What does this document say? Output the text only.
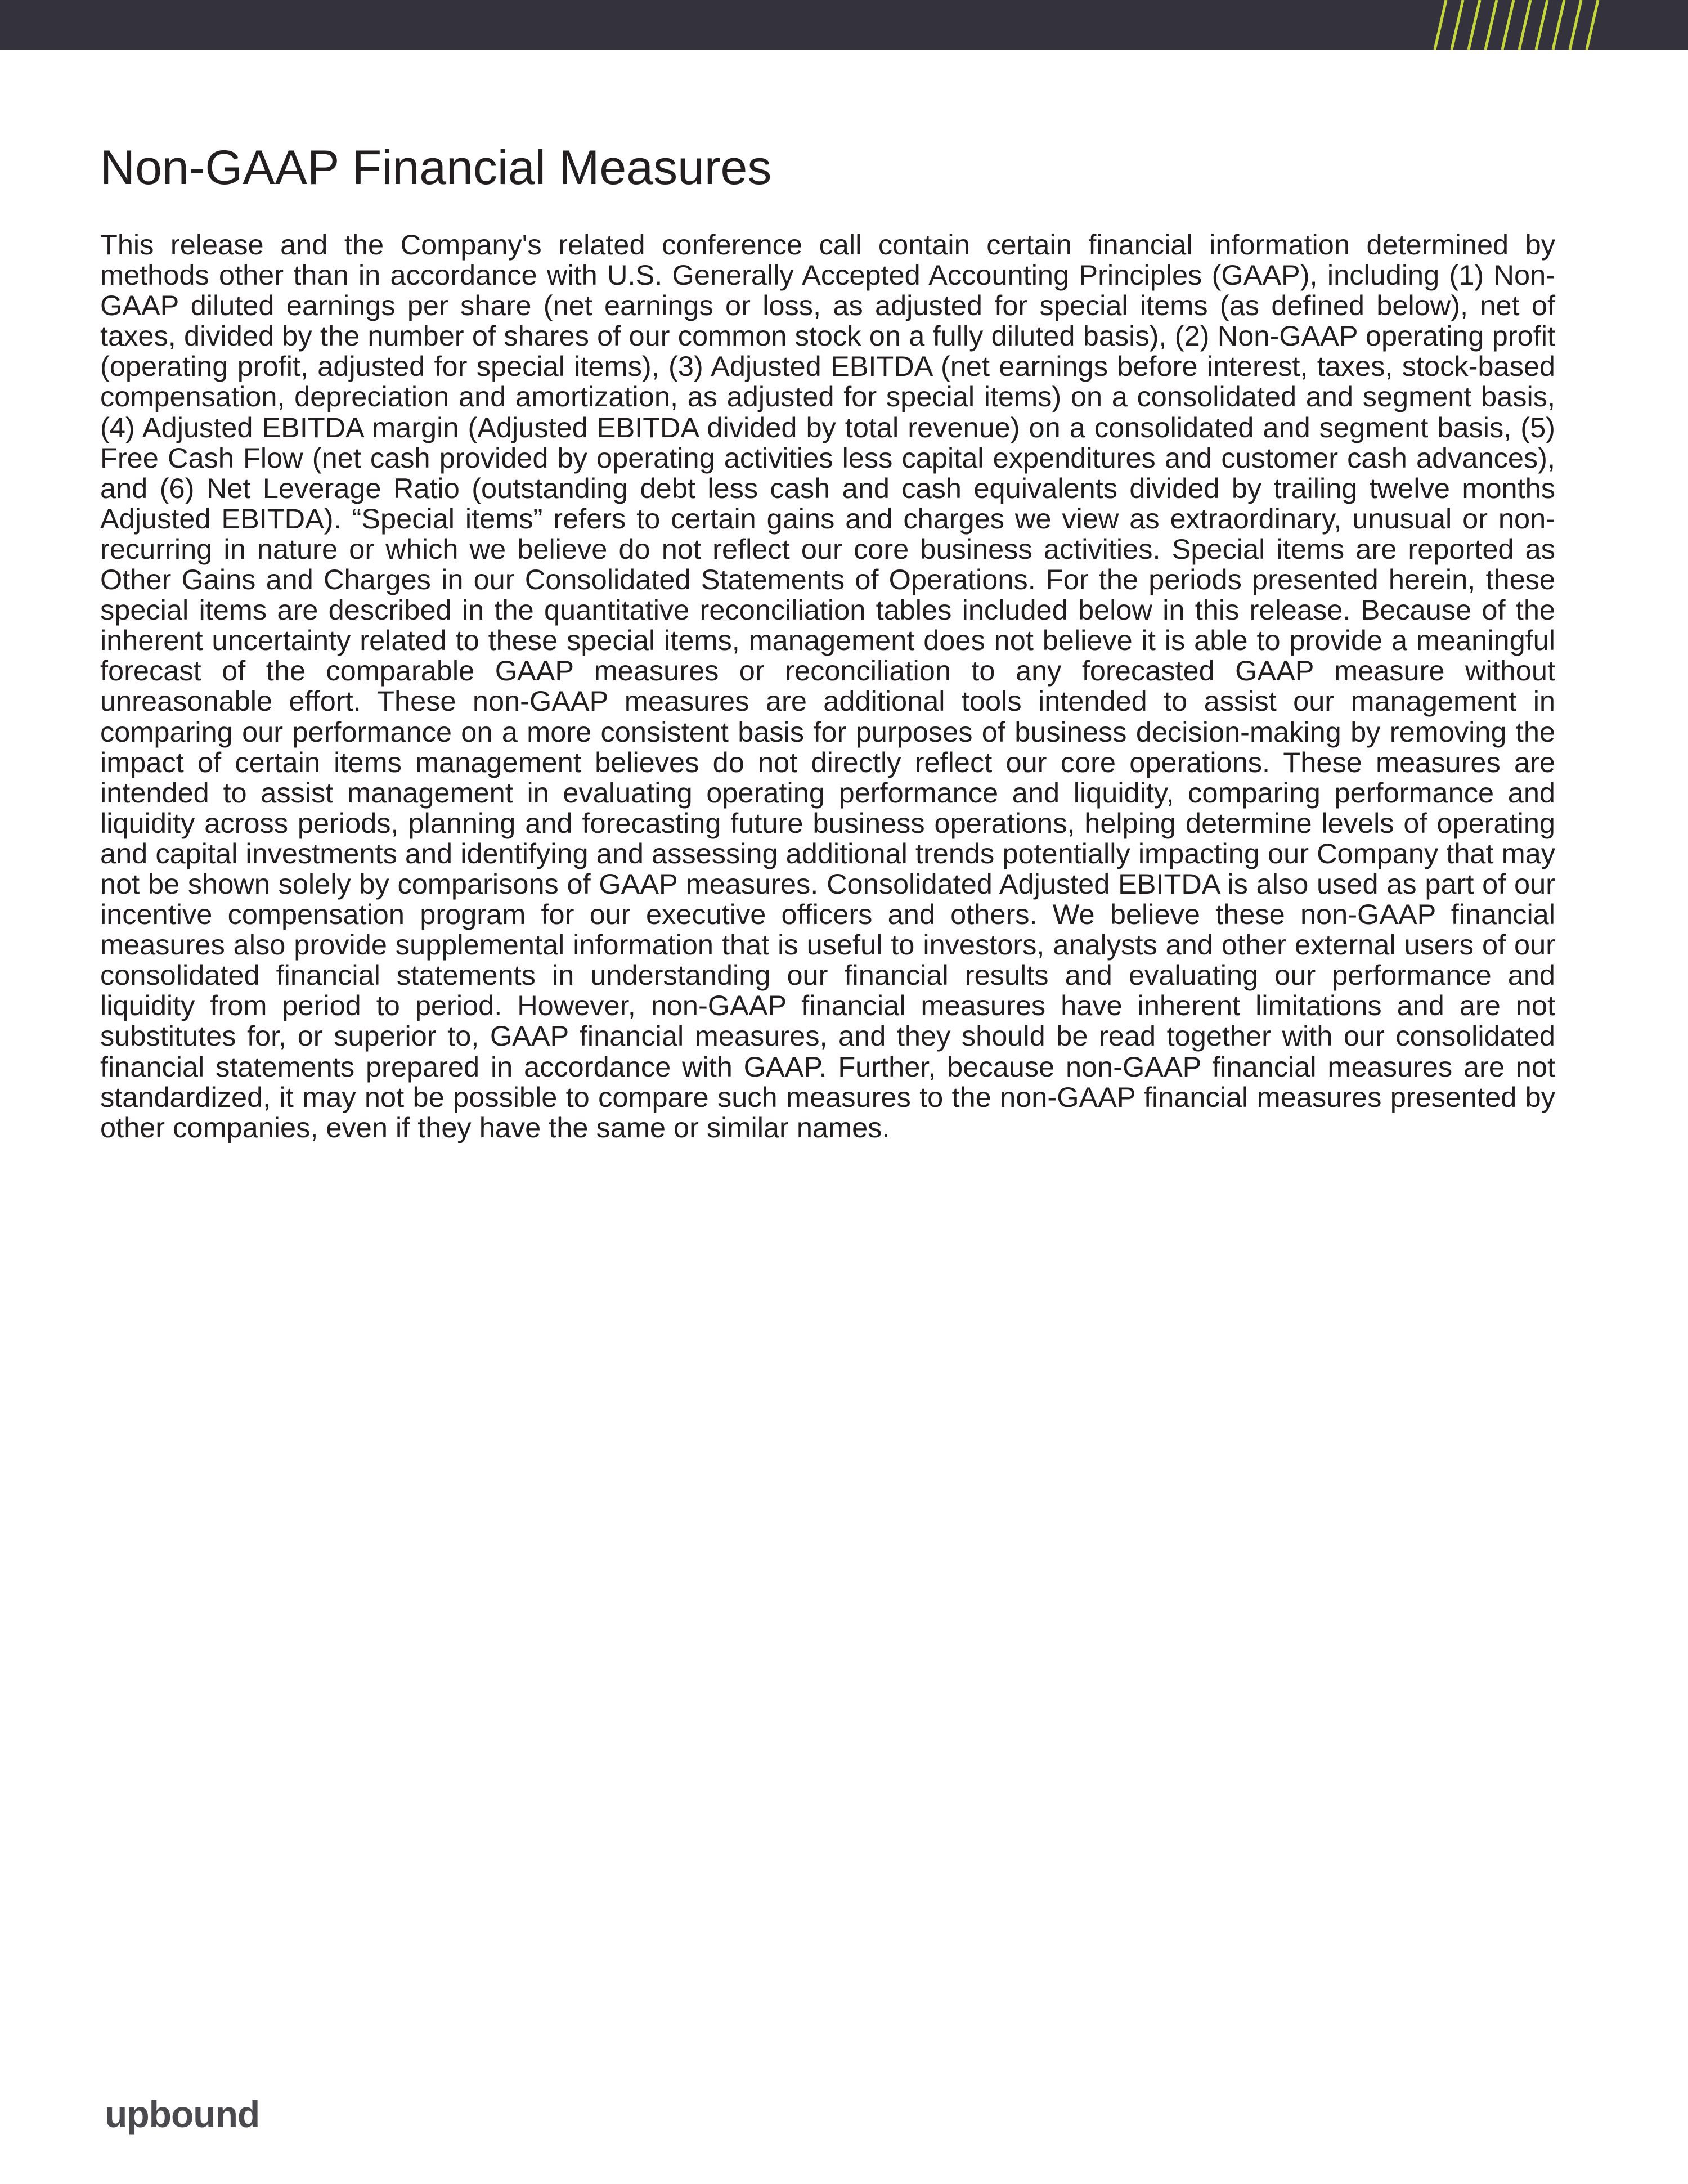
Non-GAAP Financial Measures

This release and the Company's related conference call contain certain financial information determined by methods other than in accordance with U.S. Generally Accepted Accounting Principles (GAAP), including (1) Non-GAAP diluted earnings per share (net earnings or loss, as adjusted for special items (as defined below), net of taxes, divided by the number of shares of our common stock on a fully diluted basis), (2) Non-GAAP operating profit (operating profit, adjusted for special items), (3) Adjusted EBITDA (net earnings before interest, taxes, stock-based compensation, depreciation and amortization, as adjusted for special items) on a consolidated and segment basis, (4) Adjusted EBITDA margin (Adjusted EBITDA divided by total revenue) on a consolidated and segment basis, (5) Free Cash Flow (net cash provided by operating activities less capital expenditures and customer cash advances), and (6) Net Leverage Ratio (outstanding debt less cash and cash equivalents divided by trailing twelve months Adjusted EBITDA). “Special items” refers to certain gains and charges we view as extraordinary, unusual or non-recurring in nature or which we believe do not reflect our core business activities. Special items are reported as Other Gains and Charges in our Consolidated Statements of Operations. For the periods presented herein, these special items are described in the quantitative reconciliation tables included below in this release. Because of the inherent uncertainty related to these special items, management does not believe it is able to provide a meaningful forecast of the comparable GAAP measures or reconciliation to any forecasted GAAP measure without unreasonable effort. These non-GAAP measures are additional tools intended to assist our management in comparing our performance on a more consistent basis for purposes of business decision-making by removing the impact of certain items management believes do not directly reflect our core operations. These measures are intended to assist management in evaluating operating performance and liquidity, comparing performance and liquidity across periods, planning and forecasting future business operations, helping determine levels of operating and capital investments and identifying and assessing additional trends potentially impacting our Company that may not be shown solely by comparisons of GAAP measures. Consolidated Adjusted EBITDA is also used as part of our incentive compensation program for our executive officers and others. We believe these non-GAAP financial measures also provide supplemental information that is useful to investors, analysts and other external users of our consolidated financial statements in understanding our financial results and evaluating our performance and liquidity from period to period. However, non-GAAP financial measures have inherent limitations and are not substitutes for, or superior to, GAAP financial measures, and they should be read together with our consolidated financial statements prepared in accordance with GAAP. Further, because non-GAAP financial measures are not standardized, it may not be possible to compare such measures to the non-GAAP financial measures presented by other companies, even if they have the same or similar names.

upbound
